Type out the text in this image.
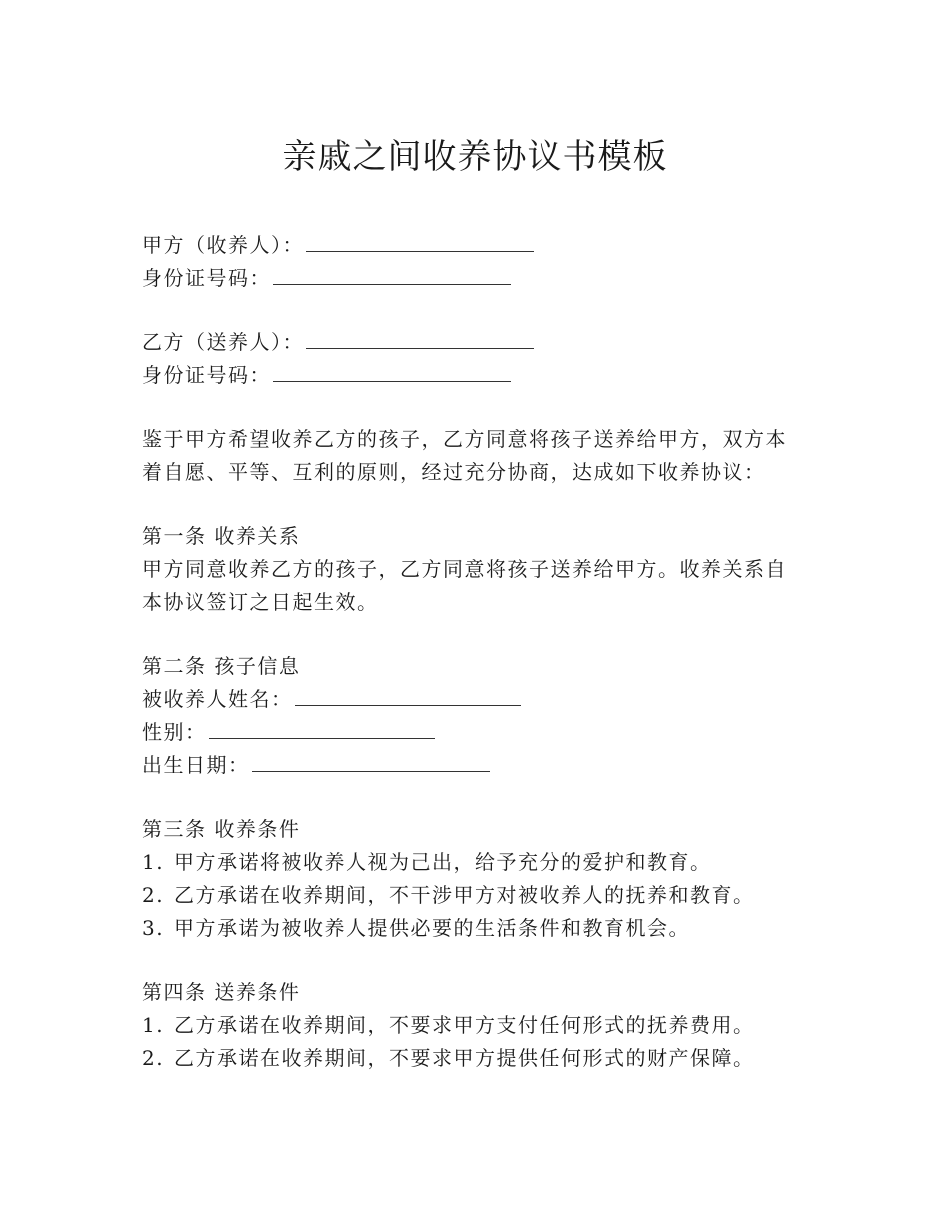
亲戚之间收养协议书模板
甲方（收养人）：
身份证号码：
乙方（送养人）：
身份证号码：
鉴于甲方希望收养乙方的孩子，乙方同意将孩子送养给甲方，双方本
着自愿、平等、互利的原则，经过充分协商，达成如下收养协议：
第一条 收养关系
甲方同意收养乙方的孩子，乙方同意将孩子送养给甲方。收养关系自
本协议签订之日起生效。
第二条 孩子信息
被收养人姓名：
性别：
出生日期：
第三条 收养条件
1. 甲方承诺将被收养人视为己出，给予充分的爱护和教育。
2. 乙方承诺在收养期间，不干涉甲方对被收养人的抚养和教育。
3. 甲方承诺为被收养人提供必要的生活条件和教育机会。
第四条 送养条件
1. 乙方承诺在收养期间，不要求甲方支付任何形式的抚养费用。
2. 乙方承诺在收养期间，不要求甲方提供任何形式的财产保障。
